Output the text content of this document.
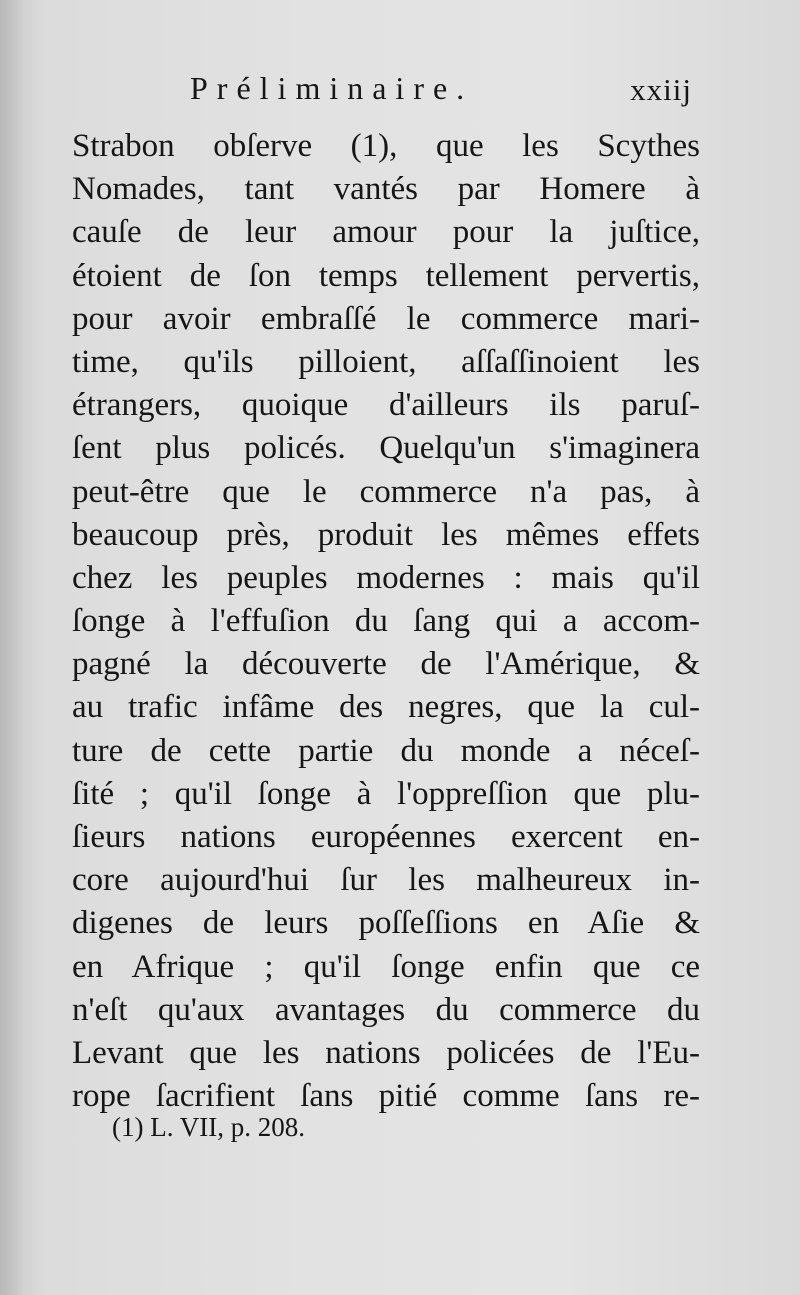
Préliminaire.	xxiij
Strabon obſerve (1), que les Scythes
Nomades, tant vantés par Homere à
cauſe de leur amour pour la juſtice,
étoient de ſon temps tellement pervertis,
pour avoir embraſſé le commerce mari-
time, qu'ils pilloient, aſſaſſinoient les
étrangers, quoique d'ailleurs ils paruſ-
ſent plus policés. Quelqu'un s'imaginera
peut-être que le commerce n'a pas, à
beaucoup près, produit les mêmes effets
chez les peuples modernes : mais qu'il
ſonge à l'effuſion du ſang qui a accom-
pagné la découverte de l'Amérique, &
au trafic infâme des negres, que la cul-
ture de cette partie du monde a néceſ-
ſité ; qu'il ſonge à l'oppreſſion que plu-
ſieurs nations européennes exercent en-
core aujourd'hui ſur les malheureux in-
digenes de leurs poſſeſſions en Aſie &
en Afrique ; qu'il ſonge enfin que ce
n'eſt qu'aux avantages du commerce du
Levant que les nations policées de l'Eu-
rope ſacrifient ſans pitié comme ſans re-
(1) L. VII, p. 208.
